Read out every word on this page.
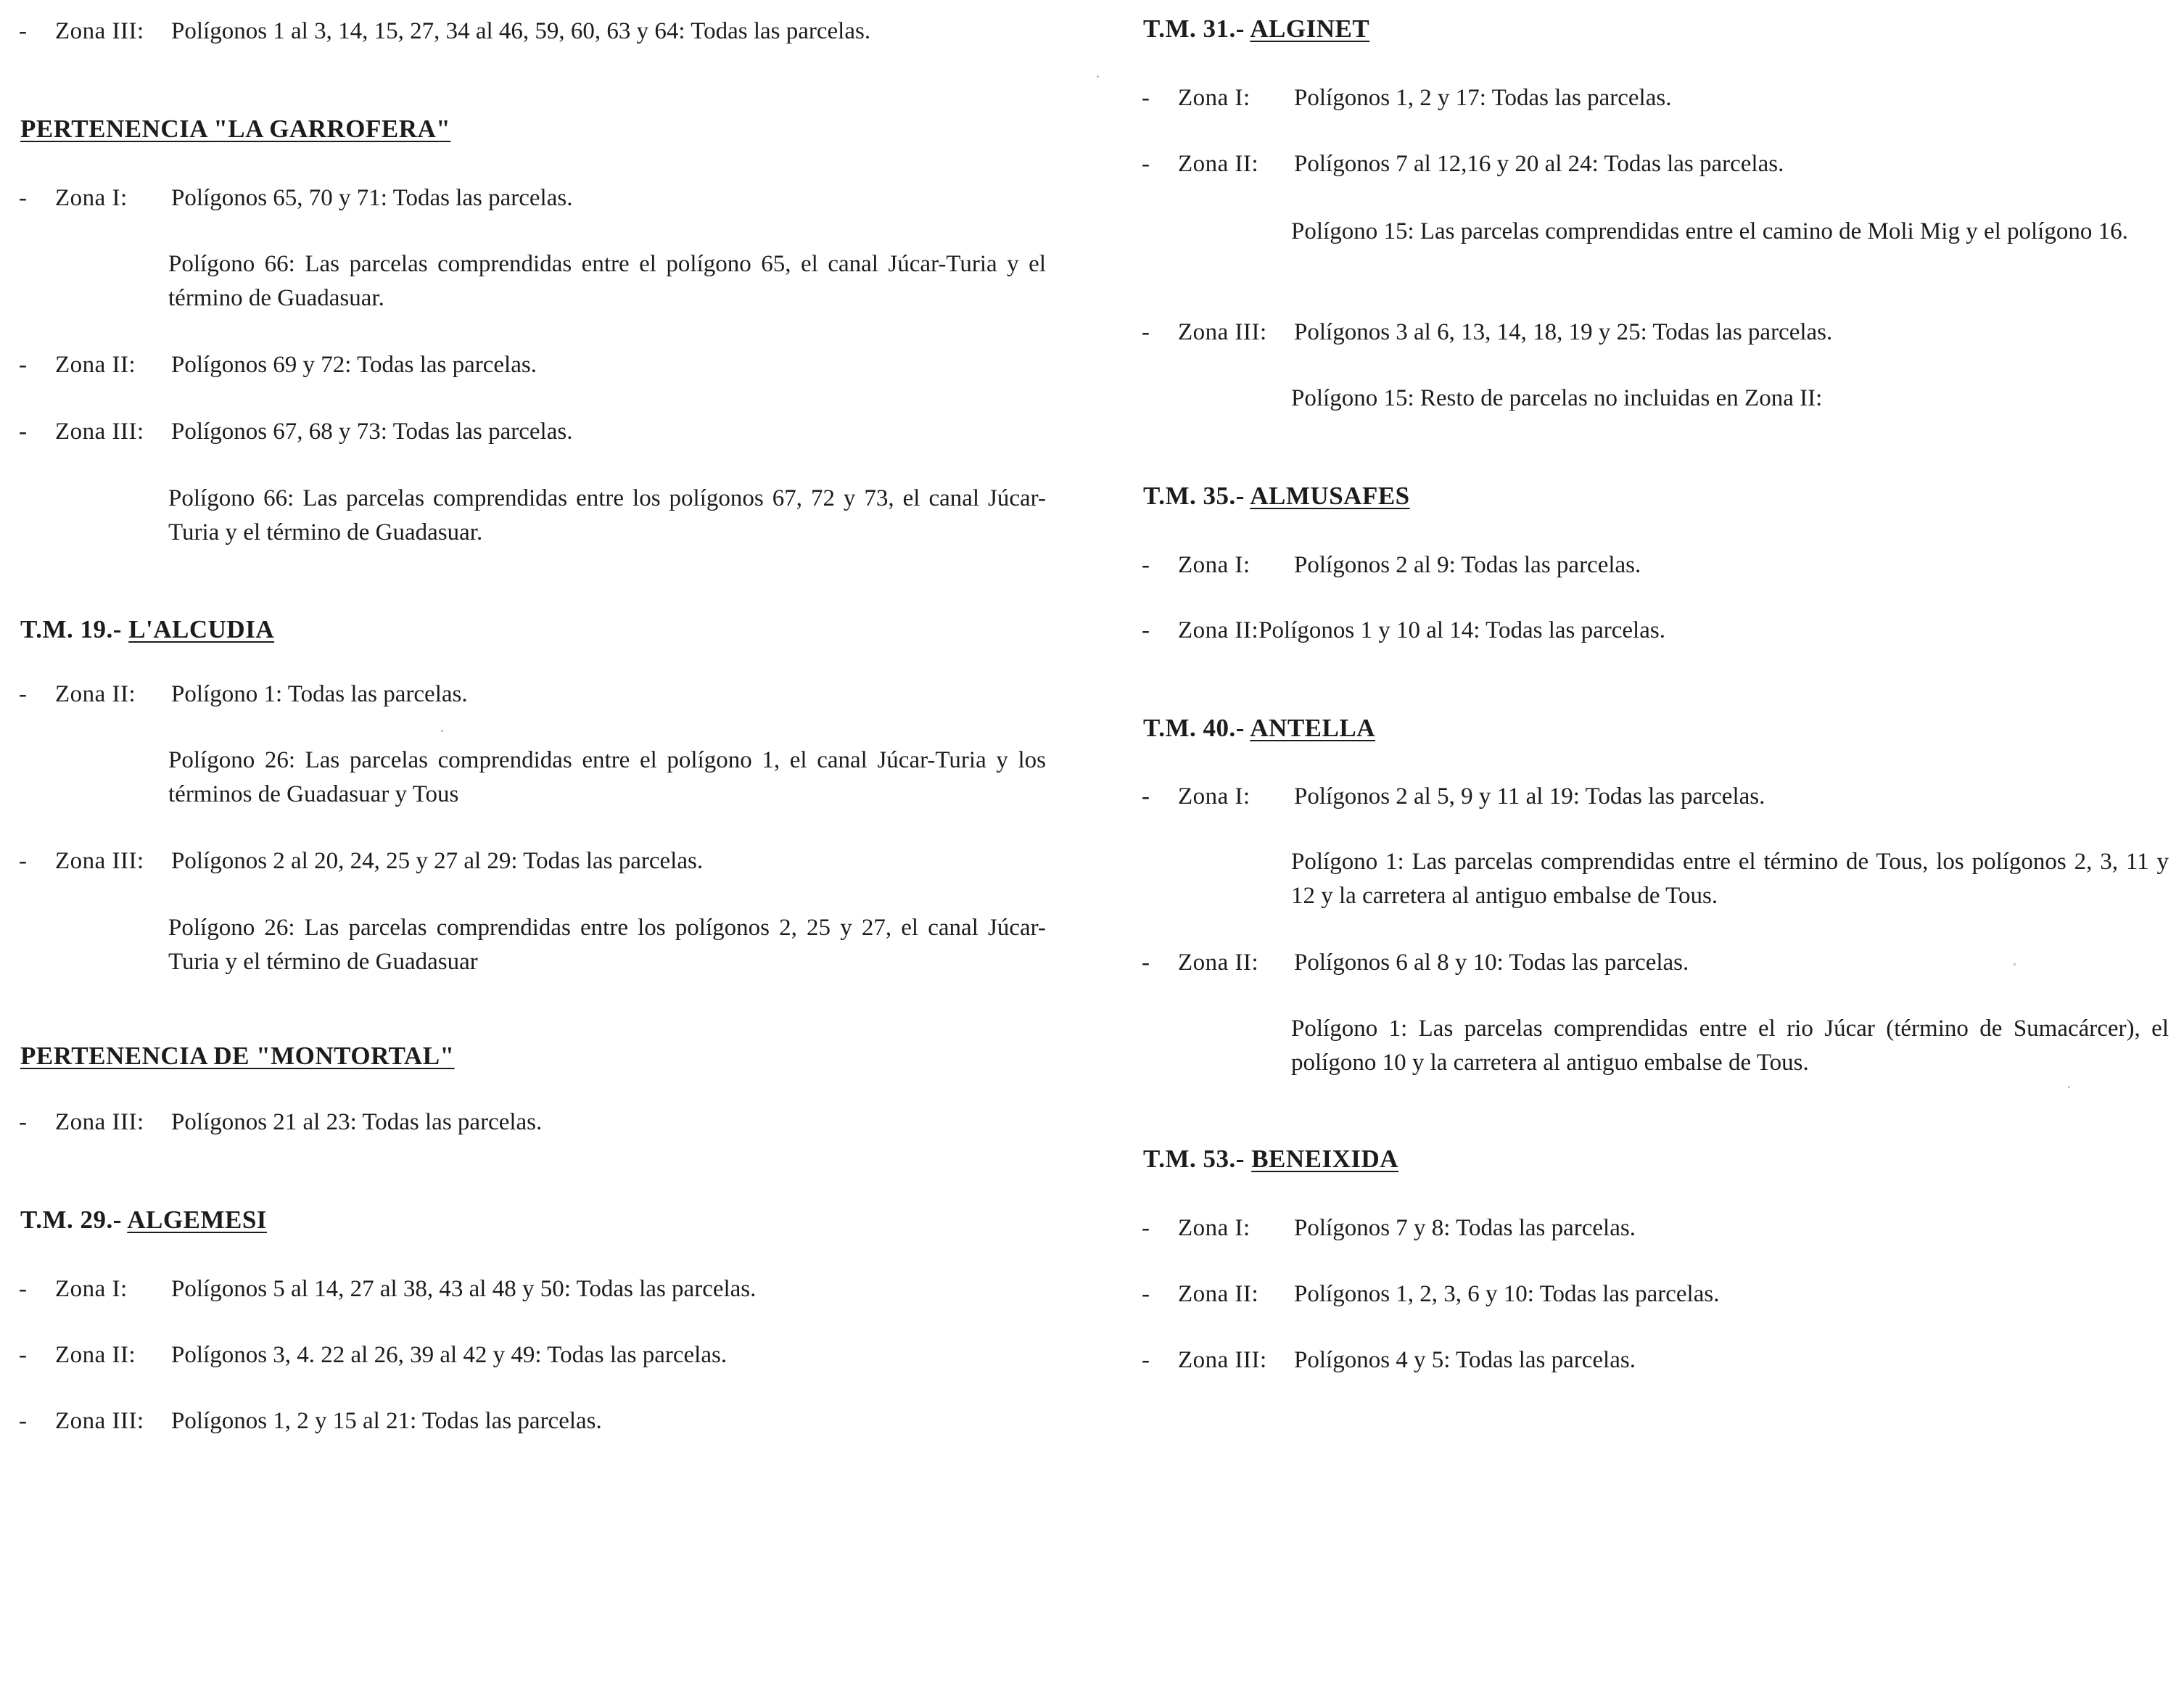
- Zona III: Polígonos 1 al 3, 14, 15, 27, 34 al 46, 59, 60, 63 y 64: Todas las parcelas.
PERTENENCIA "LA GARROFERA"
- Zona I: Polígonos 65, 70 y 71: Todas las parcelas.

Polígono 66: Las parcelas comprendidas entre el polígono 65, el canal Júcar-Turia y el término de Guadasuar.

- Zona II: Polígonos 69 y 72: Todas las parcelas.
- Zona III: Polígonos 67, 68 y 73: Todas las parcelas.

Polígono 66: Las parcelas comprendidas entre los polígonos 67, 72 y 73, el canal Júcar-Turia y el término de Guadasuar.

T.M. 19.- L'ALCUDIA
- Zona II: Polígono 1: Todas las parcelas.

Polígono 26: Las parcelas comprendidas entre el polígono 1, el canal Júcar-Turia y los términos de Guadasuar y Tous

- Zona III: Polígonos 2 al 20, 24, 25 y 27 al 29: Todas las parcelas.

Polígono 26: Las parcelas comprendidas entre los polígonos 2, 25 y 27, el canal Júcar-Turia y el término de Guadasuar

PERTENENCIA DE "MONTORTAL"
- Zona III: Polígonos 21 al 23: Todas las parcelas.
T.M. 29.- ALGEMESI
- Zona I: Polígonos 5 al 14, 27 al 38, 43 al 48 y 50: Todas las parcelas.
- Zona II: Polígonos 3, 4. 22 al 26, 39 al 42 y 49: Todas las parcelas.
- Zona III: Polígonos 1, 2 y 15 al 21: Todas las parcelas.
T.M. 31.- ALGINET
- Zona I: Polígonos 1, 2 y 17: Todas las parcelas.
- Zona II: Polígonos 7 al 12,16 y 20 al 24: Todas las parcelas.

Polígono 15: Las parcelas comprendidas entre el camino de Moli Mig y el polígono 16.

- Zona III: Polígonos 3 al 6, 13, 14, 18, 19 y 25: Todas las parcelas.

Polígono 15: Resto de parcelas no incluidas en Zona II:

T.M. 35.- ALMUSAFES
- Zona I: Polígonos 2 al 9: Todas las parcelas.
- Zona II:Polígonos 1 y 10 al 14: Todas las parcelas.
T.M. 40.- ANTELLA
- Zona I: Polígonos 2 al 5, 9 y 11 al 19: Todas las parcelas.

Polígono 1: Las parcelas comprendidas entre el término de Tous, los polígonos 2, 3, 11 y 12 y la carretera al antiguo embalse de Tous.

- Zona II: Polígonos 6 al 8 y 10: Todas las parcelas.

Polígono 1: Las parcelas comprendidas entre el rio Júcar (término de Sumacárcer), el polígono 10 y la carretera al antiguo embalse de Tous.

T.M. 53.- BENEIXIDA
- Zona I: Polígonos 7 y 8: Todas las parcelas.
- Zona II: Polígonos 1, 2, 3, 6 y 10: Todas las parcelas.
- Zona III: Polígonos 4 y 5: Todas las parcelas.
